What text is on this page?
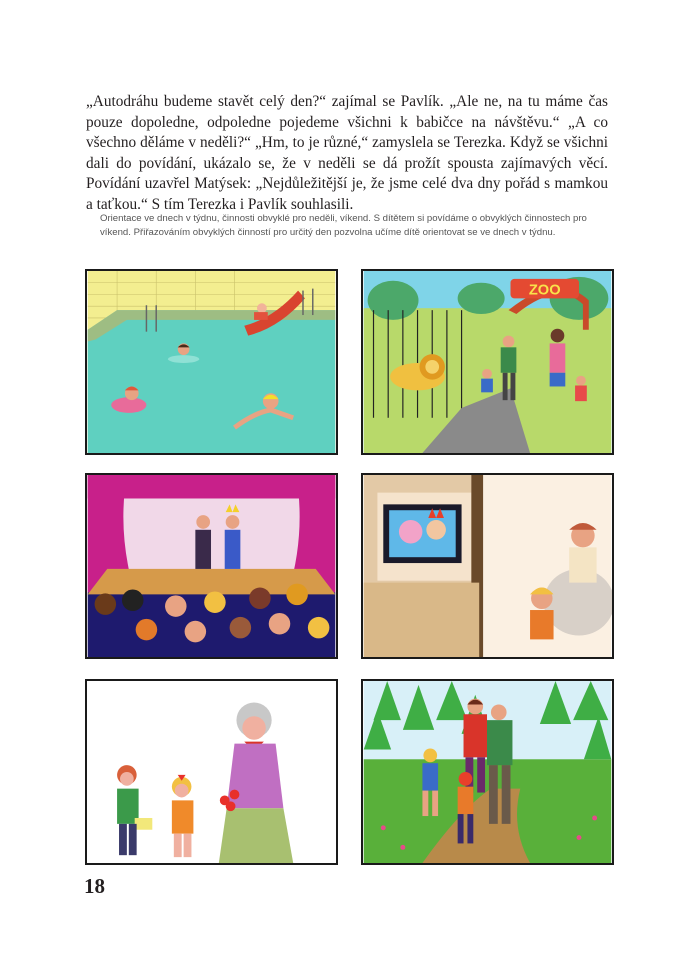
„Autodráhu budeme stavět celý den?“ zajímal se Pavlík. „Ale ne, na tu máme čas pouze dopoledne, odpoledne pojedeme všichni k babičce na návštěvu.“ „A co všechno děláme v neděli?“ „Hm, to je různé,“ zamyslela se Terezka. Když se všichni dali do povídání, ukázalo se, že v neděli se dá prožít spousta zajímavých věcí. Povídání uzavřel Matýsek: „Nejdůležitější je, že jsme celé dva dny pořád s mamkou a taťkou.“ S tím Terezka i Pavlík souhlasili.
Orientace ve dnech v týdnu, činnosti obvyklé pro neděli, víkend. S dítětem si povídáme o obvyklých činnostech pro víkend. Přiřazováním obvyklých činností pro určitý den pozvolna učíme dítě orientovat se ve dnech v týdnu.
ZOO
18
